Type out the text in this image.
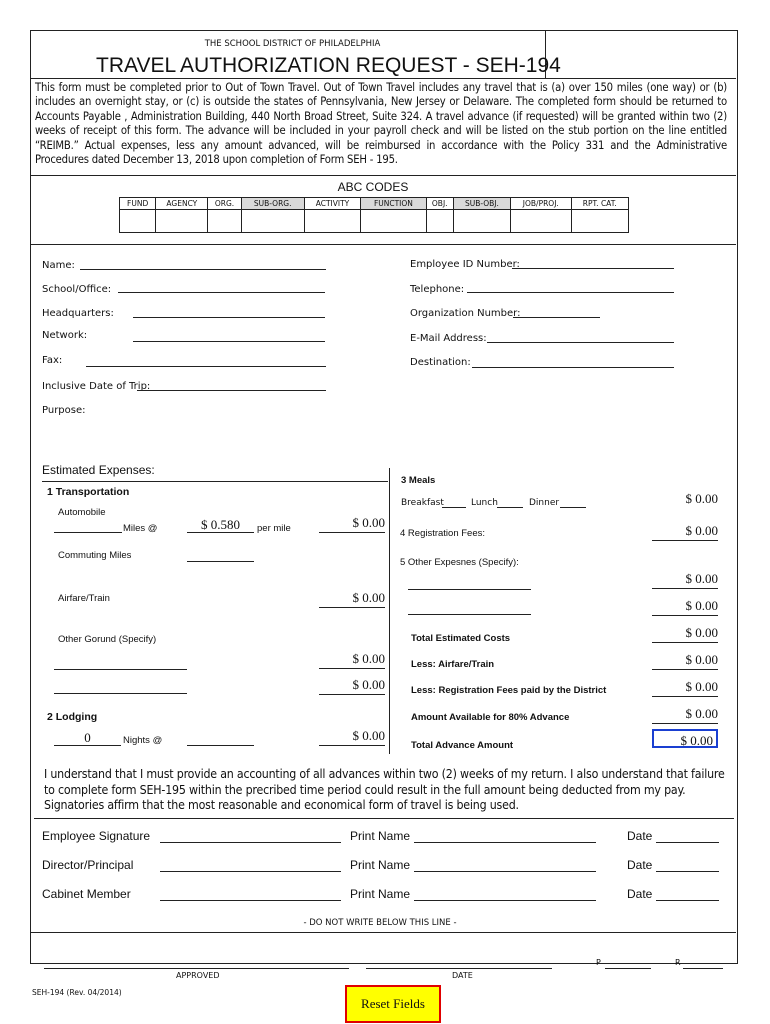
THE SCHOOL DISTRICT OF PHILADELPHIA
TRAVEL AUTHORIZATION REQUEST - SEH-194
This form must be completed prior to Out of Town Travel. Out of Town Travel includes any travel that is (a) over 150 miles (one way) or (b) includes an overnight stay, or (c) is outside the states of Pennsylvania, New Jersey or Delaware. The completed form should be returned to Accounts Payable , Administration Building, 440 North Broad Street, Suite 324. A travel advance (if requested) will be granted within two (2) weeks of receipt of this form. The advance will be included in your payroll check and will be listed on the stub portion on the line entitled “REIMB.” Actual expenses, less any amount advanced, will be reimbursed in accordance with the Policy 331 and the Administrative Procedures dated December 13, 2018 upon completion of Form SEH - 195.
ABC CODES
FUND	AGENCY	ORG.	SUB-ORG.	ACTIVITY	FUNCTION	OBJ.	SUB-OBJ.	JOB/PROJ.	RPT. CAT.

Name:
School/Office:
Headquarters:
Network:
Fax:
Inclusive Date of Trip:
Purpose:
Employee ID Number:
Telephone:
Organization Number:
E-Mail Address:
Destination:
Estimated Expenses:
1 Transportation
Automobile
Miles @	$ 0.580	per mile	$ 0.00
Commuting Miles
Airfare/Train	$ 0.00
Other Gorund (Specify)
$ 0.00
$ 0.00
2 Lodging
0	Nights @	$ 0.00
3 Meals
Breakfast	Lunch	Dinner	$ 0.00
4 Registration Fees:	$ 0.00
5 Other Expesnes (Specify):
$ 0.00
$ 0.00
Total Estimated Costs	$ 0.00
Less: Airfare/Train	$ 0.00
Less: Registration Fees paid by the District	$ 0.00
Amount Available for 80% Advance	$ 0.00
Total Advance Amount	$ 0.00
I understand that I must provide an accounting of all advances within two (2) weeks of my return. I also understand that failure to complete form SEH-195 within the precribed time period could result in the full amount being deducted from my pay. Signatories affirm that the most reasonable and economical form of travel is being used.
Employee Signature	Print Name	Date
Director/Principal	Print Name	Date
Cabinet Member	Print Name	Date
- DO NOT WRITE BELOW THIS LINE -
APPROVED	DATE
P	R
SEH-194 (Rev. 04/2014)
Reset Fields
